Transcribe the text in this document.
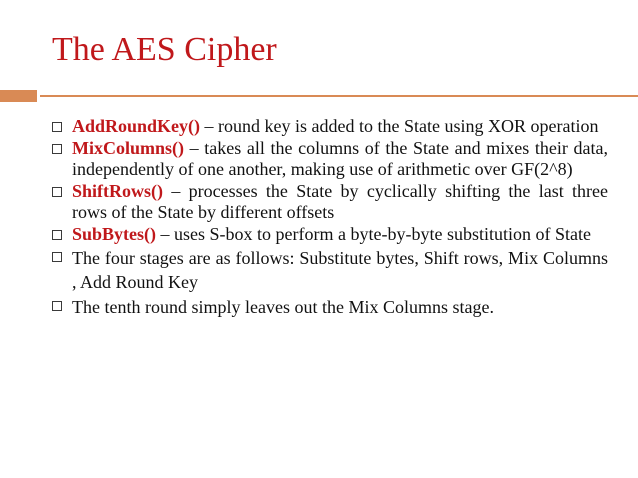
The AES Cipher
AddRoundKey() – round key is added to the State using XOR operation
MixColumns() – takes all the columns of the State and mixes their data, independently of one another, making use of arithmetic over GF(2^8)
ShiftRows() – processes the State by cyclically shifting the last three rows of the State by different offsets
SubBytes() – uses S-box to perform a byte-by-byte substitution of State
The four stages are as follows: Substitute bytes, Shift rows, Mix Columns , Add Round Key
The tenth round simply leaves out the Mix Columns stage.
